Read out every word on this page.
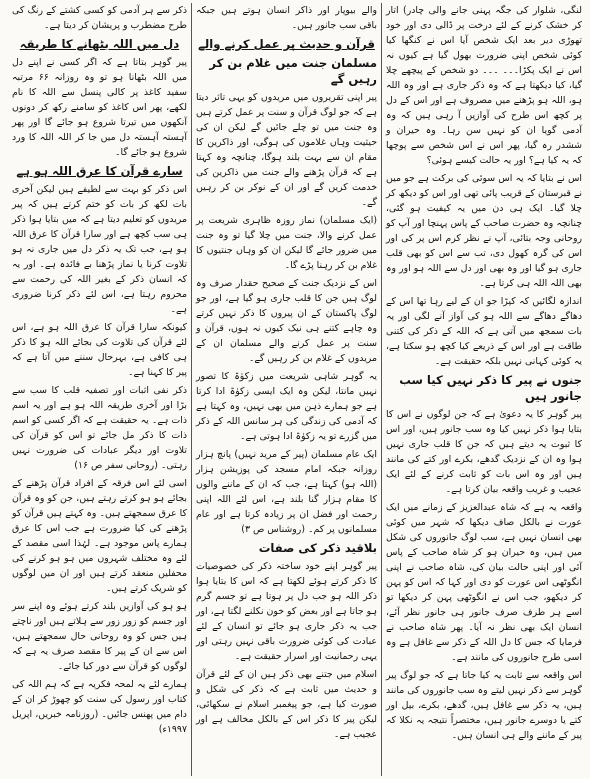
لنگی، شلوار کی جگہ پہنی جانے والی چادر) اتار کر خشک کرنے کے لئے درخت پر ڈالی دی اور خود تھوڑی دیر بعد ایک شخص آیا اس نے کنگھا کیا کوئی شخص اپنی ضرورت بھول گیا ہے کیوں نہ اس نے ایک پکڑا۔۔۔ ۔۔۔ دو شخص کے پیچھے چلا گیا، کیا دیکھتا ہے کہ وہ ذکر جاری ہے اور وہ اللہ ہو، اللہ ہو پڑھنے میں مصروف ہے اور اس کے دل پر کچھ اس طرح کی آوازیں آ رہی ہیں کہ وہ آدمی گویا ان کو نہیں سن رہا۔ وہ حیران و ششدر رہ گیا، پھر اس نے اس شخص سے پوچھا کہ یہ کیا ہے؟ اور یہ حالت کیسے ہوئی؟

اس نے بتایا کہ یہ اس سوئی کی برکت ہے جو میں نے قبرستان کے قریب پائی تھی اور اس کو دیکھ کر چلا گیا۔ ایک ہی دن میں یہ کیفیت ہو گئی، چنانچہ وہ حضرت صاحب کے پاس پہنچا اور آپ کو روحانی وجہ بتائی، آپ نے نظر کرم اس پر کی اور اس کی گرہ کھول دی، تب سے اس کو بھی قلب جاری ہو گیا اور وہ بھی اور دل سے اللہ ہو اور وہ بھی اللہ اللہ ہی کرتا ہے۔

اندازہ لگائیں کہ کپڑا جو ان کے لیے رہا تھا اس کے دھاگے دھاگے سے اللہ ہو کی آواز آنے لگی اور یہ بات سمجھ میں آتی ہے کہ اللہ کے ذکر کی کتنی طاقت ہے اور اس کے ذریعے کیا کچھ ہو سکتا ہے، یہ کوئی کہانی نہیں بلکہ حقیقت ہے۔

جنوں نے پیر کا ذکر نہیں کیا سب جانور ہیں

پیر گوہر کا یہ دعویٰ ہے کہ جن لوگوں نے اس کا بتایا ہوا ذکر نہیں کیا وہ سب جانور ہیں، اور اس کا ثبوت یہ دیتے ہیں کہ جن کا قلب جاری نہیں ہوا وہ ان کے نزدیک گدھے، بکرے اور کتے کی مانند ہیں اور وہ اس بات کو ثابت کرنے کے لئے ایک عجیب و غریب واقعہ بیان کرتا ہے۔

واقعہ یہ ہے کہ شاہ عبدالعزیز کے زمانے میں ایک عورت نے بالکل صاف دیکھا کہ شہر میں کوئی بھی انسان نہیں ہے، سب لوگ جانوروں کی شکل میں ہیں، وہ حیران ہو کر شاہ صاحب کے پاس آئی اور اپنی حالت بیان کی، شاہ صاحب نے اپنی انگوٹھی اس عورت کو دی اور کہا کہ اس کو پہن کر دیکھو، جب اس نے انگوٹھی پہن کر دیکھا تو اسے ہر طرف صرف جانور ہی جانور نظر آئے، انسان ایک بھی نظر نہ آیا۔ پھر شاہ صاحب نے فرمایا کہ جس کا دل اللہ کے ذکر سے غافل ہے وہ اسی طرح جانوروں کی مانند ہے۔

اس واقعہ سے ثابت یہ کیا جاتا ہے کہ جو لوگ پیر گوہر سے ذکر نہیں لیتے وہ سب جانوروں کی مانند ہیں، یہ ذکر سے غافل ہیں، گدھے، بکرے، بیل اور کتے یا دوسرے جانور ہیں، مختصراً نتیجہ یہ نکلا کہ پیر کے ماننے والے ہی انسان ہیں۔

والے بیوپار اور ذاکر انسان ہوتے ہیں جبکہ باقی سب جانور ہیں۔

قرآن و حدیث پر عمل کرنے والے
مسلمان جنت میں غلام بن کر رہیں گے

پیر اپنی تقریروں میں مریدوں کو یہی تاثر دیتا ہے کہ جو لوگ قرآن و سنت پر عمل کرتے ہیں وہ جنت میں تو چلے جائیں گے لیکن ان کی حیثیت وہاں غلاموں کی ہوگی، اور ذاکرین کا مقام ان سے بہت بلند ہوگا، چنانچہ وہ کہتا ہے کہ قرآن پڑھنے والے جنت میں ذاکرین کی خدمت کریں گے اور ان کے نوکر بن کر رہیں گے۔

(ایک مسلمان) نماز روزہ ظاہری شریعت پر عمل کرنے والا، جنت میں چلا گیا تو وہ جنت میں ضرور جائے گا لیکن ان کو وہاں جنتیوں کا غلام بن کر رہنا پڑے گا۔

اس کے نزدیک جنت کے صحیح حقدار صرف وہ لوگ ہیں جن کا قلب جاری ہو گیا ہے، اور جو لوگ پاکستان کے ان پیروں کا ذکر نہیں کرتے وہ چاہے کتنے ہی نیک کیوں نہ ہوں، قرآن و سنت پر عمل کرنے والے مسلمان ان کے مریدوں کے غلام بن کر رہیں گے۔

یہ گوہر شاہی شریعت میں زکوٰۃ کا تصور نہیں مانتا، لیکن وہ ایک ایسی زکوٰۃ ادا کرتا ہے جو ہمارے ذہن میں بھی نہیں، وہ کہتا ہے کہ آدمی کی زندگی کی ہر سانس اللہ کے ذکر میں گزرے تو یہ زکوٰۃ ادا ہوتی ہے۔

ایک عام مسلمان (پیر کے مرید نہیں) پانچ ہزار روزانہ جبکہ امام مسجد کی پوزیشن ہزار (اللہ ہو) کہتا ہے، جب کہ ان کے ماننے والوں کا مقام ہزار گنا بلند ہے، اس لئے اللہ اپنی رحمت اور فضل ان پر زیادہ کرتا ہے اور عام مسلمانوں پر کم۔ (روشناس ص ۳)

بلاقید ذکر کی صفات

پیر گوہر اپنے خود ساختہ ذکر کی خصوصیات کا ذکر کرتے ہوئے لکھتا ہے کہ اس کا بتایا ہوا ذکر اللہ ہو جب دل پر ہوتا ہے تو جسم گرم ہو جاتا ہے اور بعض کو خون نکلنے لگتا ہے، اور جب یہ ذکر جاری ہو جائے تو انسان کے لئے عبادت کی کوئی ضرورت باقی نہیں رہتی اور یہی رحمانیت اور اسرار حقیقت ہے۔

اسلام میں جتنے بھی ذکر ہیں ان کے لئے قرآن و حدیث میں ثابت ہے کہ ذکر کی شکل و صورت کیا ہے، جو پیغمبر اسلام نے سکھائی، لیکن پیر کا ذکر اس کے بالکل مخالف ہے اور عجیب ہے۔

ذکر سے ہر آدمی کو کسی کشتے کے رنگ کی طرح مضطرب و پریشان کر دیتا ہے۔

دل میں اللہ بٹھانے کا طریقہ

پیر گوہر بتاتا ہے کہ اگر کسی نے اپنے دل میں اللہ بٹھانا ہو تو وہ روزانہ ۶۶ مرتبہ سفید کاغذ پر کالی پنسل سے اللہ کا نام لکھے، پھر اس کاغذ کو سامنے رکھ کر دونوں آنکھوں میں تیرتا شروع ہو جائے گا اور پھر آہستہ آہستہ دل میں جا کر اللہ اللہ کا ورد شروع ہو جائے گا۔

سارے قرآن کا عرق اللہ ہو ہے

اس ذکر کو بہت سے لطیفے ہیں لیکن آخری بات لکھ کر بات کو ختم کرتے ہیں کہ پیر مریدوں کو تعلیم دیتا ہے کہ میں بتایا ہوا ذکر ہی سب کچھ ہے اور سارا قرآن کا عرق اللہ ہو ہے، جب تک یہ ذکر دل میں جاری نہ ہو تلاوت کرنا یا نماز پڑھنا بے فائدہ ہے۔ اور یہ کہ انسان ذکر کے بغیر اللہ کی رحمت سے محروم رہتا ہے، اس لئے ذکر کرنا ضروری ہے۔

کیونکہ سارا قرآن کا عرق اللہ ہو ہے، اس لئے قرآن کی تلاوت کی بجائے اللہ ہو کا ذکر ہی کافی ہے، بہرحال سننے میں آتا ہے کہ پیر کا کہنا ہے۔

ذکر نفی اثبات اور تصفیہ قلب کا سب سے بڑا اور آخری طریقہ اللہ ہو ہے اور یہ اسم ذات ہے۔ یہ حقیقت ہے کہ اگر کسی کو اسم ذات کا ذکر مل جائے تو اس کو قرآن کی تلاوت اور دیگر عبادات کی ضرورت نہیں رہتی۔ (روحانی سفر ص ۱۶)

اسی لئے اس فرقہ کے افراد قرآن پڑھنے کے بجائے ہو ہو کرتے رہتے ہیں، جن کو وہ قرآن کا عرق سمجھتے ہیں۔ وہ کہتے ہیں قرآن کو پڑھنے کی کیا ضرورت ہے جب اس کا عرق ہمارے پاس موجود ہے۔ لہٰذا اسی مقصد کے لئے وہ مختلف شہروں میں ہو ہو کرنے کی محفلیں منعقد کرتے ہیں اور ان میں لوگوں کو شریک کرتے ہیں۔

ہو ہو کی آوازیں بلند کرتے ہوئے وہ اپنے سر اور جسم کو زور زور سے ہلاتے ہیں اور ناچتے ہیں جس کو وہ روحانی حال سمجھتے ہیں، اس سے ان کے پیر کا مقصد صرف یہ ہے کہ لوگوں کو قرآن سے دور کیا جائے۔

ہمارے لئے یہ لمحہ فکریہ ہے کہ ہم اللہ کی کتاب اور رسول کی سنت کو چھوڑ کر ان کے دام میں پھنس جائیں۔ (روزنامہ خبریں، اپریل ۱۹۹۷ء)
